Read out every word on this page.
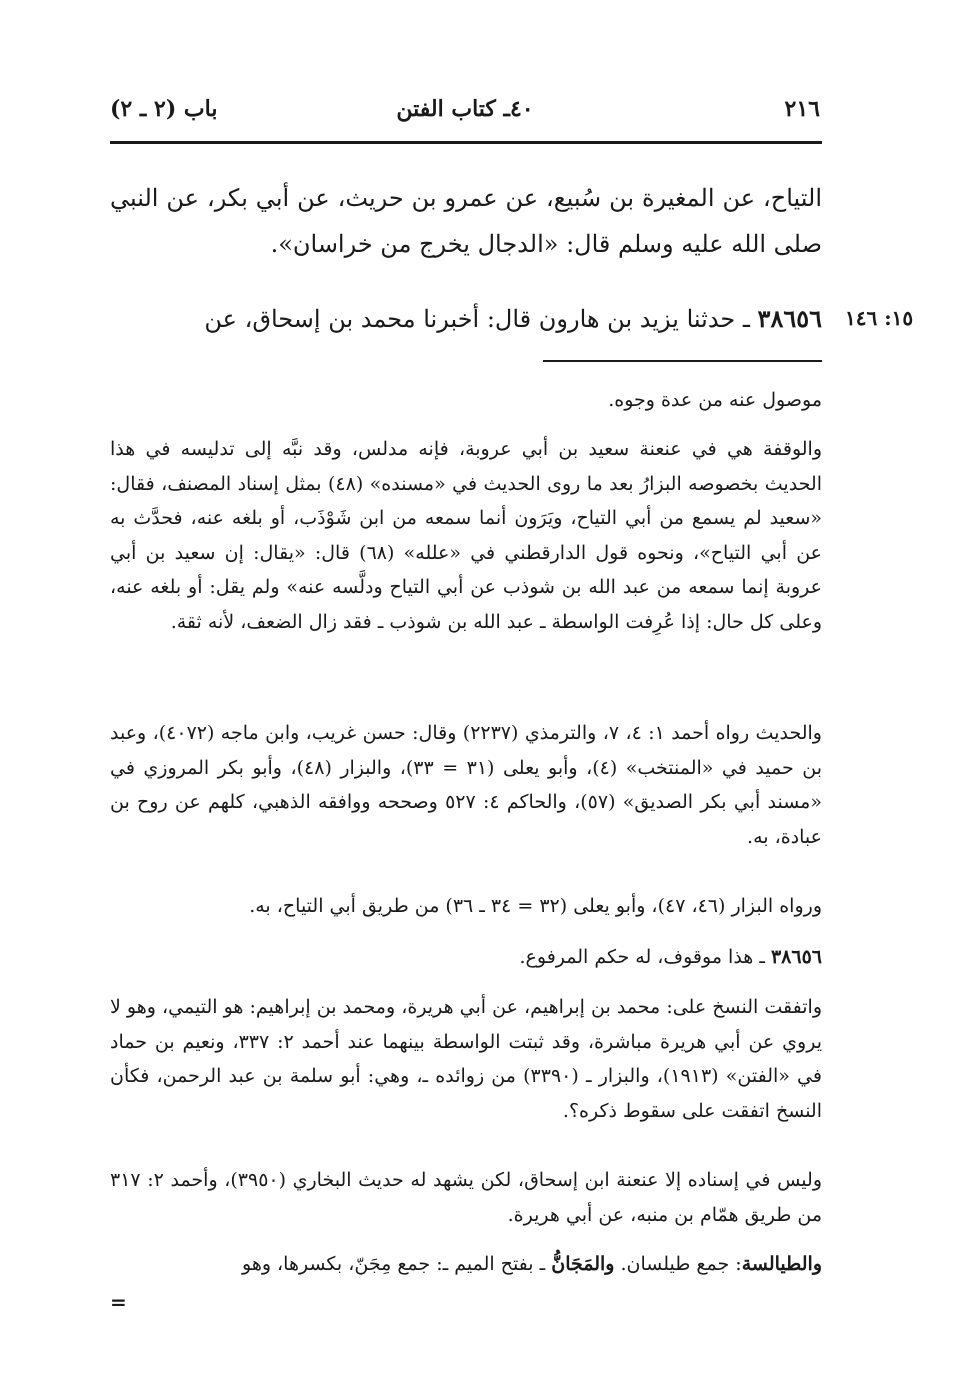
٢١٦
٤٠ـ كتاب الفتن
باب (٢ ـ ٢)
التياح، عن المغيرة بن سُبيع، عن عمرو بن حريث، عن أبي بكر، عن النبي صلى الله عليه وسلم قال: «الدجال يخرج من خراسان».
٣٨٦٥٦ ـ حدثنا يزيد بن هارون قال: أخبرنا محمد بن إسحاق، عن	١٥: ١٤٦
موصول عنه من عدة وجوه.
والوقفة هي في عنعنة سعيد بن أبي عروبة، فإنه مدلس، وقد نبَّه إلى تدليسه في هذا الحديث بخصوصه البزارُ بعد ما روى الحديث في «مسنده» (٤٨) بمثل إسناد المصنف، فقال: «سعيد لم يسمع من أبي التياح، ويَرَون أنما سمعه من ابن شَوْذَب، أو بلغه عنه، فحدَّث به عن أبي التياح»، ونحوه قول الدارقطني في «علله» (٦٨) قال: «يقال: إن سعيد بن أبي عروبة إنما سمعه من عبد الله بن شوذب عن أبي التياح ودلَّسه عنه» ولم يقل: أو بلغه عنه، وعلى كل حال: إذا عُرِفت الواسطة ـ عبد الله بن شوذب ـ فقد زال الضعف، لأنه ثقة.
والحديث رواه أحمد ١: ٤، ٧، والترمذي (٢٢٣٧) وقال: حسن غريب، وابن ماجه (٤٠٧٢)، وعبد بن حميد في «المنتخب» (٤)، وأبو يعلى (٣١ = ٣٣)، والبزار (٤٨)، وأبو بكر المروزي في «مسند أبي بكر الصديق» (٥٧)، والحاكم ٤: ٥٢٧ وصححه ووافقه الذهبي، كلهم عن روح بن عبادة، به.
ورواه البزار (٤٦، ٤٧)، وأبو يعلى (٣٢ = ٣٤ ـ ٣٦) من طريق أبي التياح، به.
٣٨٦٥٦ ـ هذا موقوف، له حكم المرفوع.
واتفقت النسخ على: محمد بن إبراهيم، عن أبي هريرة، ومحمد بن إبراهيم: هو التيمي، وهو لا يروي عن أبي هريرة مباشرة، وقد ثبتت الواسطة بينهما عند أحمد ٢: ٣٣٧، ونعيم بن حماد في «الفتن» (١٩١٣)، والبزار ـ (٣٣٩٠) من زوائده ـ، وهي: أبو سلمة بن عبد الرحمن، فكأن النسخ اتفقت على سقوط ذكره؟.
وليس في إسناده إلا عنعنة ابن إسحاق، لكن يشهد له حديث البخاري (٣٩٥٠)، وأحمد ٢: ٣١٧ من طريق همّام بن منبه، عن أبي هريرة.
والطيالسة: جمع طيلسان. والمَجَانُّ ـ بفتح الميم ـ: جمع مِجَنّ، بكسرها، وهو
=
